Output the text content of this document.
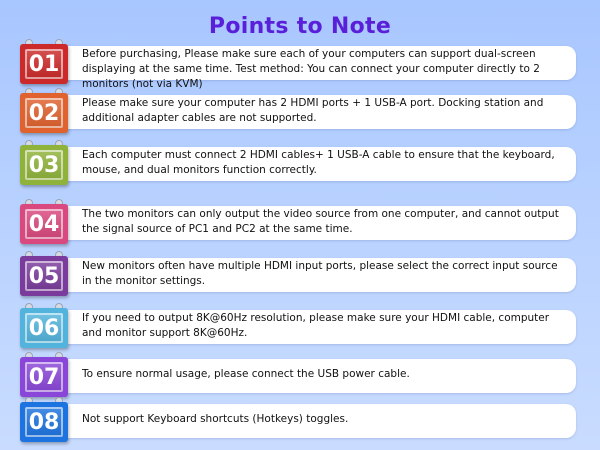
Points to Note
01 Before purchasing, Please make sure each of your computers can support dual-screen displaying at the same time. Test method: You can connect your computer directly to 2 monitors (not via KVM)
02 Please make sure your computer has 2 HDMI ports + 1 USB-A port. Docking station and additional adapter cables are not supported.
03 Each computer must connect 2 HDMI cables+ 1 USB-A cable to ensure that the keyboard, mouse, and dual monitors function correctly.
04 The two monitors can only output the video source from one computer, and cannot output the signal source of PC1 and PC2 at the same time.
05 New monitors often have multiple HDMI input ports, please select the correct input source in the monitor settings.
06 If you need to output 8K@60Hz resolution, please make sure your HDMI cable, computer and monitor support 8K@60Hz.
07 To ensure normal usage, please connect the USB power cable.
08 Not support Keyboard shortcuts (Hotkeys) toggles.
